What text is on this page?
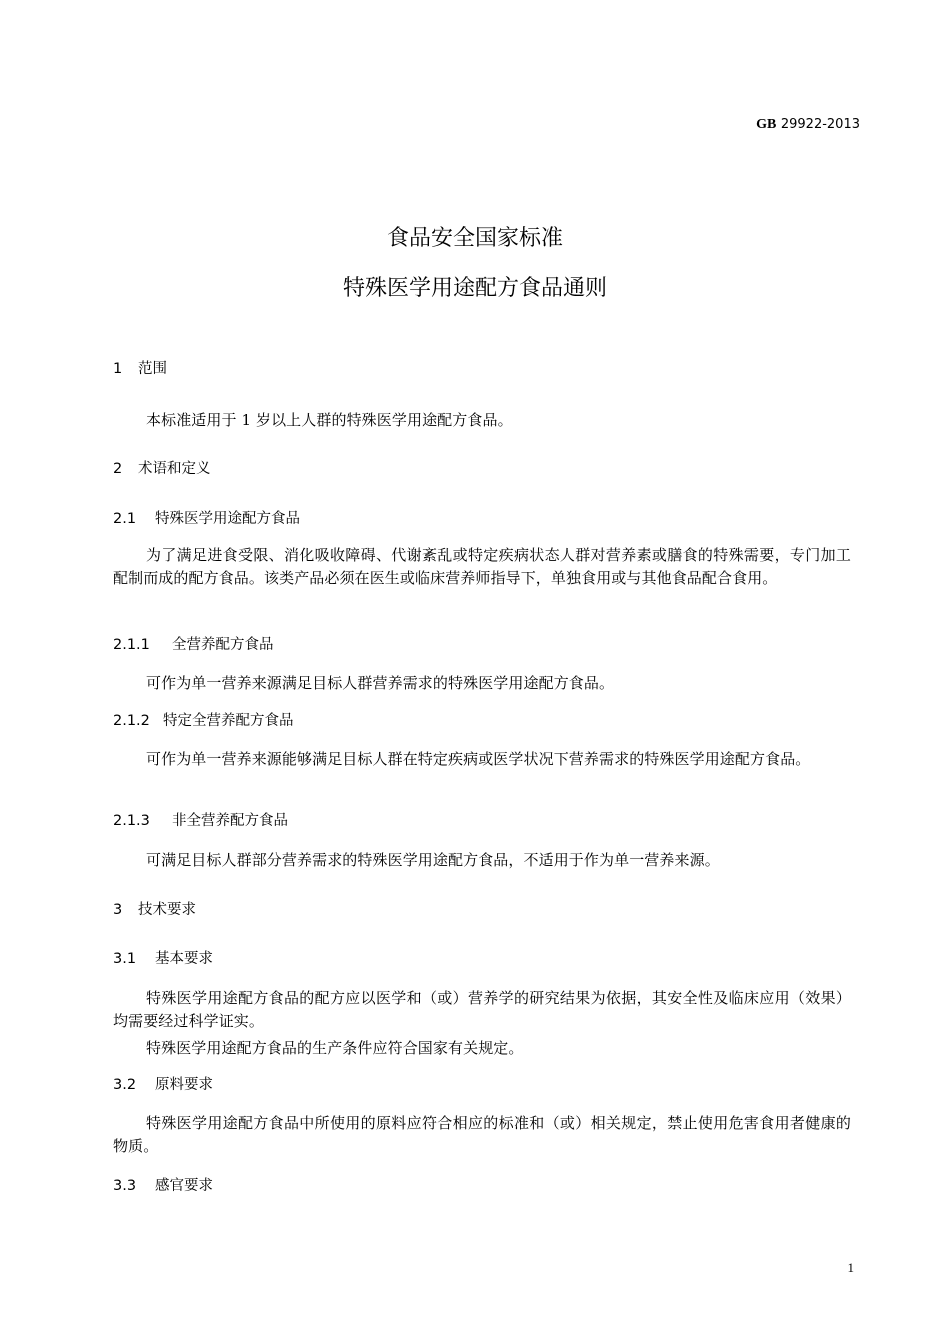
GB 29922-2013
食品安全国家标准
特殊医学用途配方食品通则
1 范围
本标准适用于 1 岁以上人群的特殊医学用途配方食品。
2 术语和定义
2.1 特殊医学用途配方食品
为了满足进食受限、消化吸收障碍、代谢紊乱或特定疾病状态人群对营养素或膳食的特殊需要，专门加工配制而成的配方食品。该类产品必须在医生或临床营养师指导下，单独食用或与其他食品配合食用。
2.1.1 全营养配方食品
可作为单一营养来源满足目标人群营养需求的特殊医学用途配方食品。
2.1.2 特定全营养配方食品
可作为单一营养来源能够满足目标人群在特定疾病或医学状况下营养需求的特殊医学用途配方食品。
2.1.3 非全营养配方食品
可满足目标人群部分营养需求的特殊医学用途配方食品，不适用于作为单一营养来源。
3 技术要求
3.1 基本要求
特殊医学用途配方食品的配方应以医学和（或）营养学的研究结果为依据，其安全性及临床应用（效果）均需要经过科学证实。
特殊医学用途配方食品的生产条件应符合国家有关规定。
3.2 原料要求
特殊医学用途配方食品中所使用的原料应符合相应的标准和（或）相关规定，禁止使用危害食用者健康的物质。
3.3 感官要求
1
